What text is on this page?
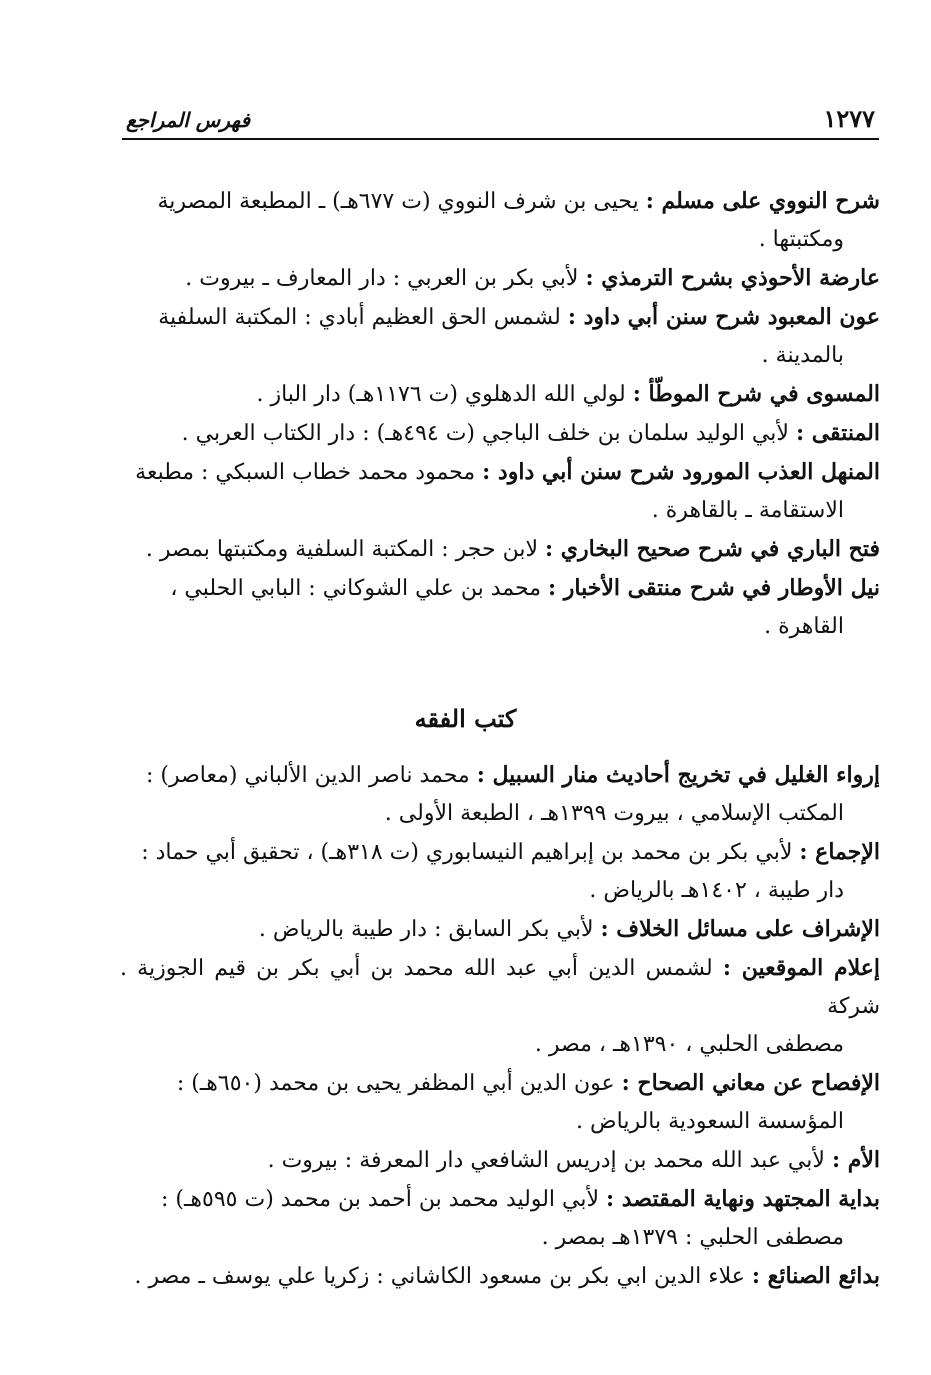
١٢٧٧
فهرس المراجع
شرح النووي على مسلم : يحيى بن شرف النووي (ت ٦٧٧هـ) ـ المطبعة المصرية
ومكتبتها .
عارضة الأحوذي بشرح الترمذي : لأبي بكر بن العربي : دار المعارف ـ بيروت .
عون المعبود شرح سنن أبي داود : لشمس الحق العظيم أبادي : المكتبة السلفية
بالمدينة .
المسوى في شرح الموطّأ : لولي الله الدهلوي (ت ١١٧٦هـ) دار الباز .
المنتقى : لأبي الوليد سلمان بن خلف الباجي (ت ٤٩٤هـ) : دار الكتاب العربي .
المنهل العذب المورود شرح سنن أبي داود : محمود محمد خطاب السبكي : مطبعة
الاستقامة ـ بالقاهرة .
فتح الباري في شرح صحيح البخاري : لابن حجر : المكتبة السلفية ومكتبتها بمصر .
نيل الأوطار في شرح منتقى الأخبار : محمد بن علي الشوكاني : البابي الحلبي ،
القاهرة .
كتب الفقه
إرواء الغليل في تخريج أحاديث منار السبيل : محمد ناصر الدين الألباني (معاصر) :
المكتب الإسلامي ، بيروت ١٣٩٩هـ ، الطبعة الأولى .
الإجماع : لأبي بكر بن محمد بن إبراهيم النيسابوري (ت ٣١٨هـ) ، تحقيق أبي حماد :
دار طيبة ، ١٤٠٢هـ بالرياض .
الإشراف على مسائل الخلاف : لأبي بكر السابق : دار طيبة بالرياض .
إعلام الموقعين : لشمس الدين أبي عبد الله محمد بن أبي بكر بن قيم الجوزية . شركة
مصطفى الحلبي ، ١٣٩٠هـ ، مصر .
الإفصاح عن معاني الصحاح : عون الدين أبي المظفر يحيى بن محمد (٦٥٠هـ) :
المؤسسة السعودية بالرياض .
الأم : لأبي عبد الله محمد بن إدريس الشافعي دار المعرفة : بيروت .
بداية المجتهد ونهاية المقتصد : لأبي الوليد محمد بن أحمد بن محمد (ت ٥٩٥هـ) :
مصطفى الحلبي : ١٣٧٩هـ بمصر .
بدائع الصنائع : علاء الدين ابي بكر بن مسعود الكاشاني : زكريا علي يوسف ـ مصر .
